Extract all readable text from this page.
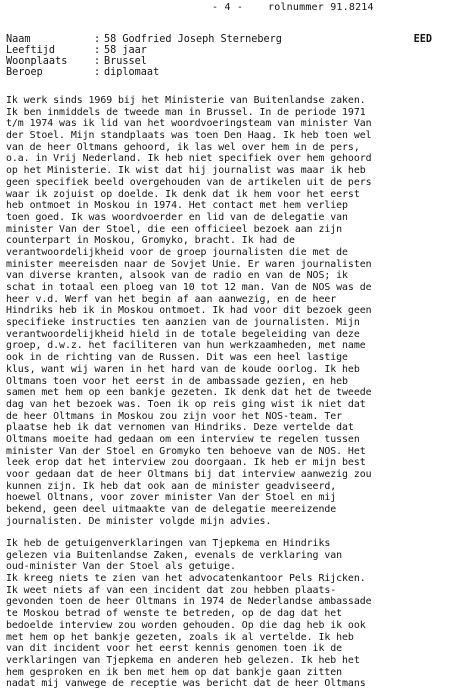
- 4 - rolnummer 91.8214
Naam	: 58 Godfried Joseph Sterneberg	EED
Leeftijd	: 58 jaar
Woonplaats	: Brussel
Beroep	: diplomaat
Ik werk sinds 1969 bij het Ministerie van Buitenlandse zaken.
Ik ben inmiddels de tweede man in Brussel. In de periode 1971
t/m 1974 was ik lid van het woordvoeringsteam van minister Van
der Stoel. Mijn standplaats was toen Den Haag. Ik heb toen wel
van de heer Oltmans gehoord, ik las wel over hem in de pers,
o.a. in Vrij Nederland. Ik heb niet specifiek over hem gehoord
op het Ministerie. Ik wist dat hij journalist was maar ik heb
geen specifiek beeld overgehouden van de artikelen uit de pers
waar ik zojuist op doelde. Ik denk dat ik hem voor het eerst
heb ontmoet in Moskou in 1974. Het contact met hem verliep
toen goed. Ik was woordvoerder en lid van de delegatie van
minister Van der Stoel, die een officieel bezoek aan zijn
counterpart in Moskou, Gromyko, bracht. Ik had de
verantwoordelijkheid voor de groep journalisten die met de
minister meereisden naar de Sovjet Unie. Er waren journalisten
van diverse kranten, alsook van de radio en van de NOS; ik
schat in totaal een ploeg van 10 tot 12 man. Van de NOS was de
heer v.d. Werf van het begin af aan aanwezig, en de heer
Hindriks heb ik in Moskou ontmoet. Ik had voor dit bezoek geen
specifieke instructies ten aanzien van de journalisten. Mijn
verantwoordelijkheid hield in de totale begeleiding van deze
groep, d.w.z. het faciliteren van hun werkzaamheden, met name
ook in de richting van de Russen. Dit was een heel lastige
klus, want wij waren in het hard van de koude oorlog. Ik heb
Oltmans toen voor het eerst in de ambassade gezien, en heb
samen met hem op een bankje gezeten. Ik denk dat het de tweede
dag van het bezoek was. Toen ik op reis ging wist ik niet dat
de heer Oltmans in Moskou zou zijn voor het NOS-team. Ter
plaatse heb ik dat vernomen van Hindriks. Deze vertelde dat
Oltmans moeite had gedaan om een interview te regelen tussen
minister Van der Stoel en Gromyko ten behoeve van de NOS. Het
leek erop dat het interview zou doorgaan. Ik heb er mijn best
voor gedaan dat de heer Oltmans bij dat interview aanwezig zou
kunnen zijn. Ik heb dat ook aan de minister geadviseerd,
hoewel Oltnans, voor zover minister Van der Stoel en mij
bekend, geen deel uitmaakte van de delegatie meereizende
journalisten. De minister volgde mijn advies.
Ik heb de getuigenverklaringen van Tjepkema en Hindriks
gelezen via Buitenlandse Zaken, evenals de verklaring van
oud-minister Van der Stoel als getuige.
Ik kreeg niets te zien van het advocatenkantoor Pels Rijcken.
Ik weet niets af van een incident dat zou hebben plaats-
gevonden toen de heer Oltmans in 1974 de Nederlandse ambassade
te Moskou betrad of wenste te betreden, op de dag dat het
bedoelde interview zou worden gehouden. Op die dag heb ik ook
met hem op het bankje gezeten, zoals ik al vertelde. Ik heb
van dit incident voor het eerst kennis genomen toen ik de
verklaringen van Tjepkema en anderen heb gelezen. Ik heb het
hem gesproken en ik ben met hem op dat bankje gaan zitten
nadat mij vanwege de receptie was bericht dat de heer Oltmans
